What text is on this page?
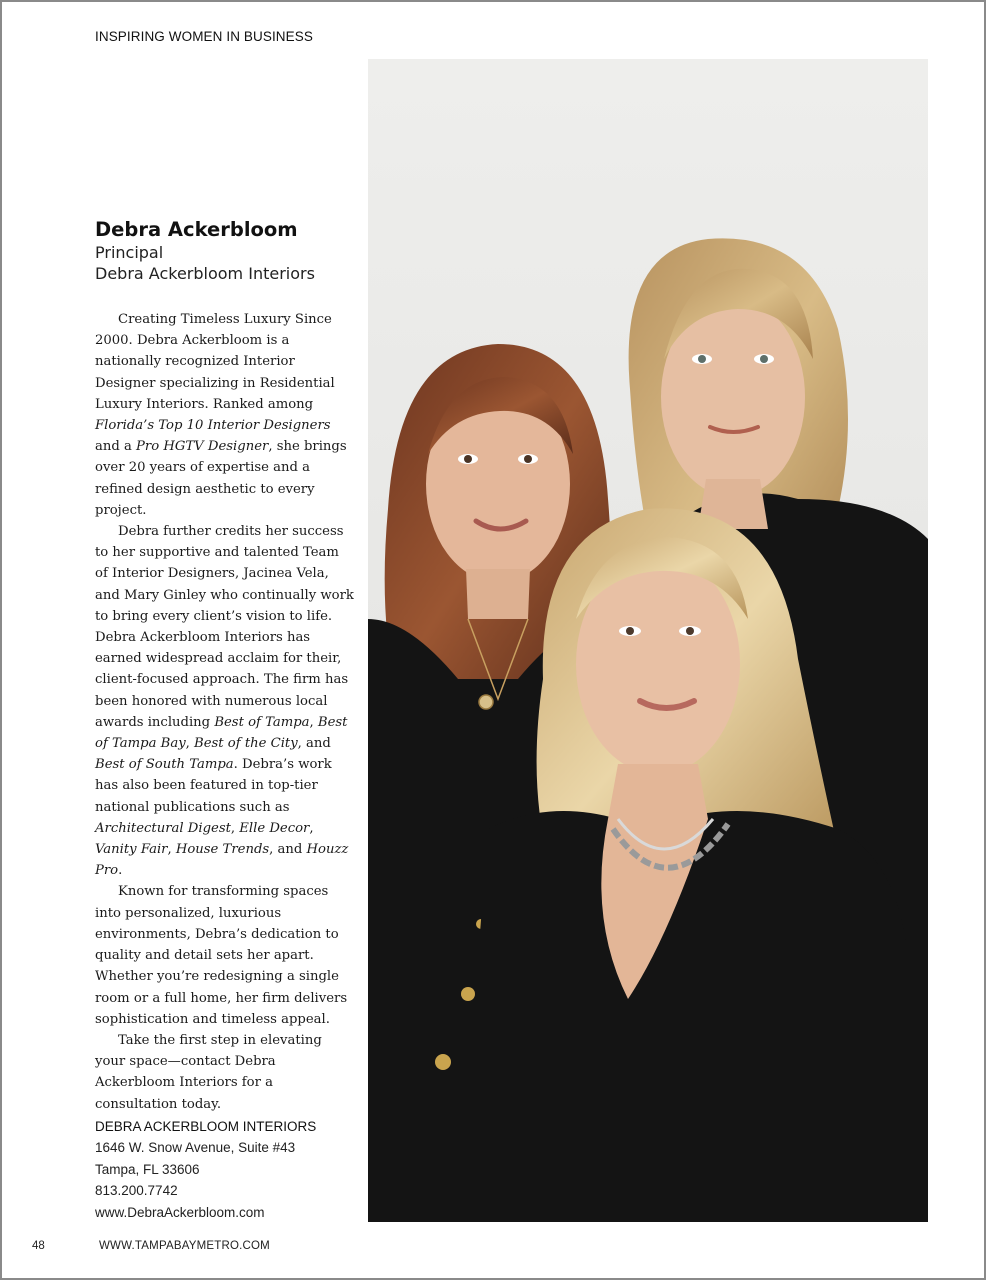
INSPIRING WOMEN IN BUSINESS
Debra Ackerbloom
Principal
Debra Ackerbloom Interiors

Creating Timeless Luxury Since 2000. Debra Ackerbloom is a nationally recognized Interior Designer specializing in Residential Luxury Interiors. Ranked among Florida’s Top 10 Interior Designers and a Pro HGTV Designer, she brings over 20 years of expertise and a refined design aesthetic to every project.

Debra further credits her success to her supportive and talented Team of Interior Designers, Jacinea Vela, and Mary Ginley who continually work to bring every client’s vision to life. Debra Ackerbloom Interiors has earned widespread acclaim for their, client-focused approach. The firm has been honored with numerous local awards including Best of Tampa, Best of Tampa Bay, Best of the City, and Best of South Tampa. Debra’s work has also been featured in top-tier national publications such as Architectural Digest, Elle Decor, Vanity Fair, House Trends, and Houzz Pro.

Known for transforming spaces into personalized, luxurious environments, Debra’s dedication to quality and detail sets her apart. Whether you’re redesigning a single room or a full home, her firm delivers sophistication and timeless appeal.

Take the first step in elevating your space—contact Debra Ackerbloom Interiors for a consultation today.

DEBRA ACKERBLOOM INTERIORS
1646 W. Snow Avenue, Suite #43
Tampa, FL 33606
813.200.7742
www.DebraAckerbloom.com
48	WWW.TAMPABAYMETRO.COM
